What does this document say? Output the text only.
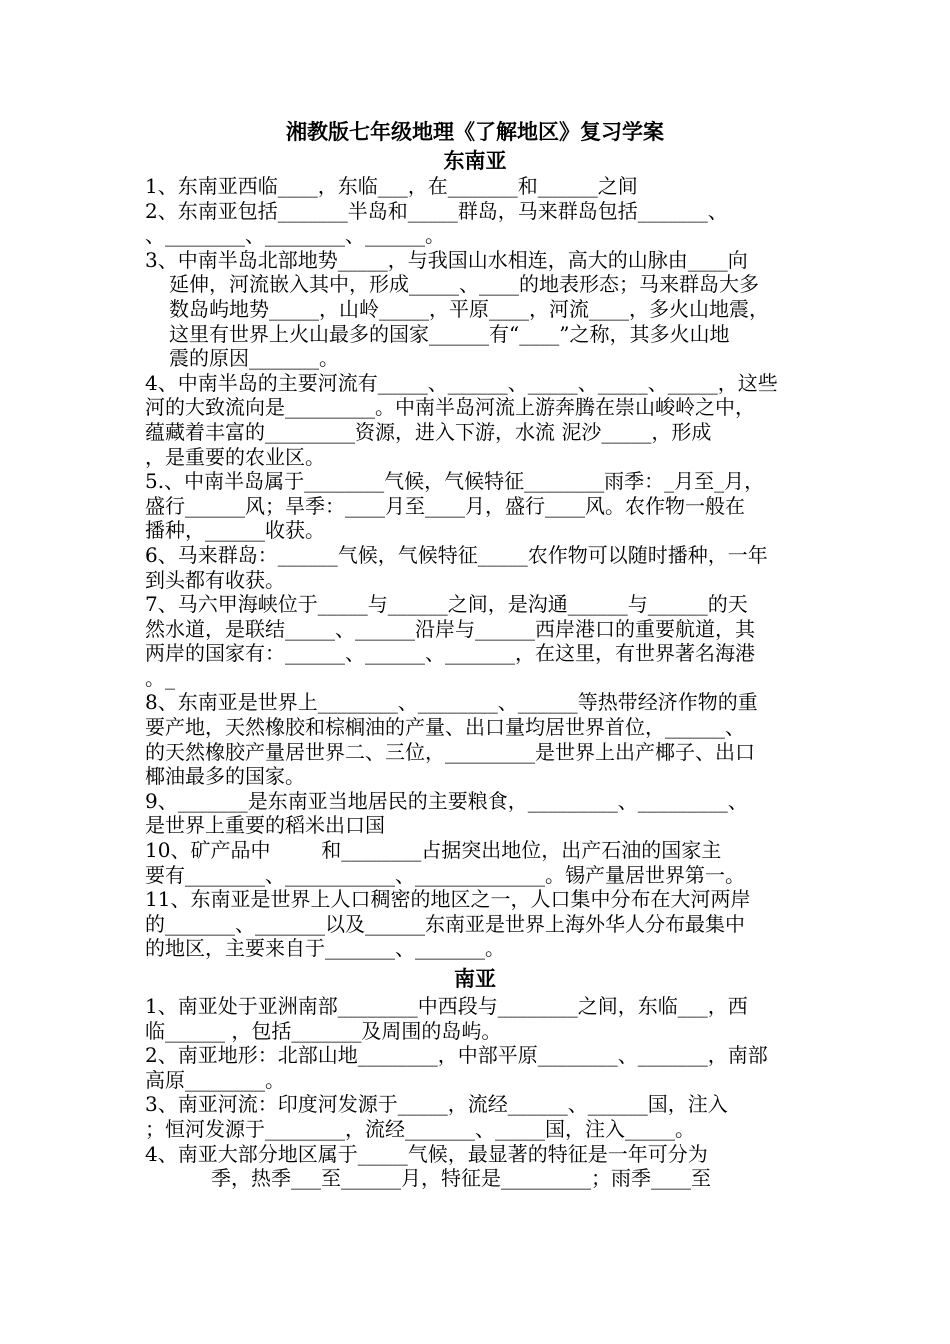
湘教版七年级地理《了解地区》复习学案
东南亚
1、东南亚西临____，东临___，在_______和______之间
2、东南亚包括_______半岛和_____群岛，马来群岛包括_______、
、________、________、______。
3、中南半岛北部地势_____，与我国山水相连，高大的山脉由____向
延伸，河流嵌入其中，形成_____、____的地表形态；马来群岛大多
数岛屿地势_____，山岭_____，平原____，河流____，多火山地震，
这里有世界上火山最多的国家______有“____”之称，其多火山地
震的原因_______。
4、中南半岛的主要河流有_____、______、_____、_____、_____，这些
河的大致流向是_________。中南半岛河流上游奔腾在崇山峻岭之中，
蕴藏着丰富的_________资源，进入下游，水流 泥沙_____，形成
，是重要的农业区。
5.、中南半岛属于________气候，气候特征________雨季：_月至_月，
盛行______风；旱季：____月至____月，盛行____风。农作物一般在
播种，______收获。
6、马来群岛：______气候，气候特征_____农作物可以随时播种，一年
到头都有收获。
7、马六甲海峡位于_____与______之间，是沟通______与______的天
然水道，是联结_____、______沿岸与______西岸港口的重要航道，其
两岸的国家有：______、______、_______，在这里，有世界著名海港
。_
8、东南亚是世界上________、________、______等热带经济作物的重
要产地，天然橡胶和棕榈油的产量、出口量均居世界首位，______、
的天然橡胶产量居世界二、三位，_________是世界上出产椰子、出口
椰油最多的国家。
9、_______是东南亚当地居民的主要粮食，_________、_________、
是世界上重要的稻米出口国
10、矿产品中        和________占据突出地位，出产石油的国家主
要有________、___________、_____________。锡产量居世界第一。
11、东南亚是世界上人口稠密的地区之一，人口集中分布在大河两岸
的_______、_______以及______东南亚是世界上海外华人分布最集中
的地区，主要来自于_______、_______。
南亚
1、南亚处于亚洲南部________中西段与________之间，东临___，西
临______ ，包括_______及周围的岛屿。
2、南亚地形：北部山地________，中部平原________、_______，南部
高原________。
3、南亚河流：印度河发源于_____，流经______、______国，注入
；恒河发源于________，流经_______、_____国，注入_____。
4、南亚大部分地区属于_____气候，最显著的特征是一年可分为
季，热季___至______月，特征是_________；雨季____至
